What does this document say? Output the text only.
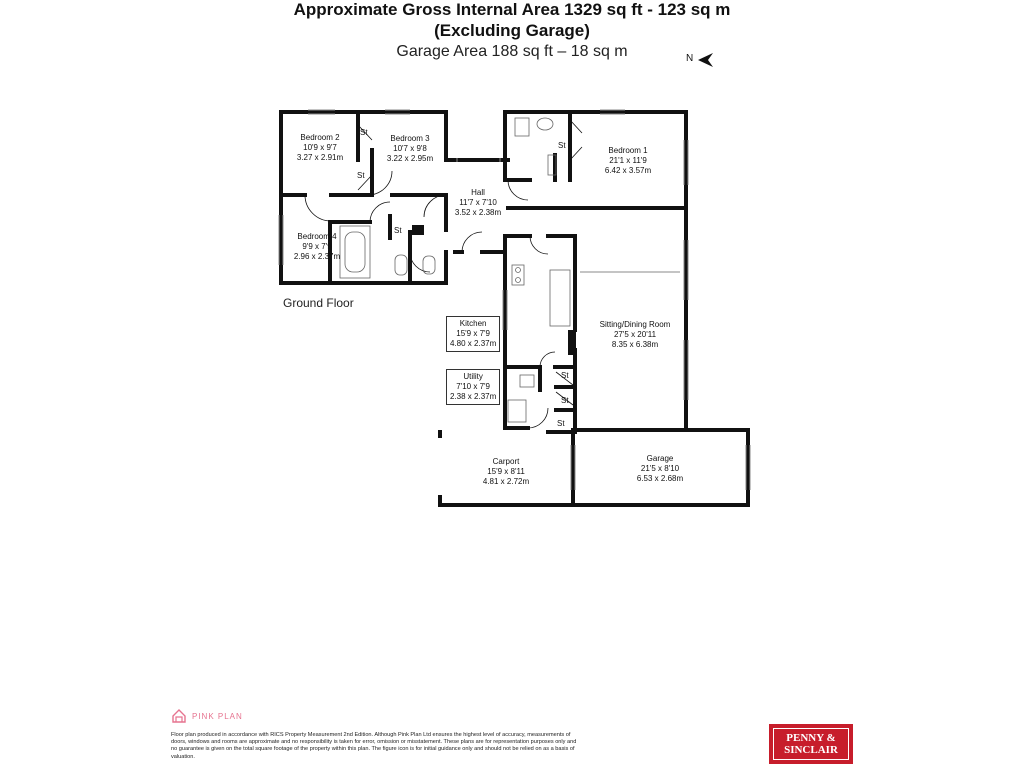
Approximate Gross Internal Area 1329 sq ft - 123 sq m
(Excluding Garage)
Garage Area 188 sq ft – 18 sq m	N
Bedroom 2
10'9 x 9'7
3.27 x 2.91m
Bedroom 3
10'7 x 9'8
3.22 x 2.95m
Bedroom 1
21'1 x 11'9
6.42 x 3.57m
Hall
11'7 x 7'10
3.52 x 2.38m
Bedroom 4
9'9 x 7'9
2.96 x 2.37m
Kitchen
15'9 x 7'9
4.80 x 2.37m
Sitting/Dining Room
27'5 x 20'11
8.35 x 6.38m
Utility
7'10 x 7'9
2.38 x 2.37m
Carport
15'9 x 8'11
4.81 x 2.72m
Garage
21'5 x 8'10
6.53 x 2.68m
St
St
St
St
St
St
St
Ground Floor
PINK PLAN
Floor plan produced in accordance with RICS Property Measurement 2nd Edition. Although Pink Plan Ltd ensures the highest level of accuracy, measurements of doors, windows and rooms are approximate and no responsibility is taken for error, omission or misstatement. These plans are for representation purposes only and no guarantee is given on the total square footage of the property within this plan. The figure icon is for initial guidance only and should not be relied on as a basis of valuation.
PENNY &
SINCLAIR
